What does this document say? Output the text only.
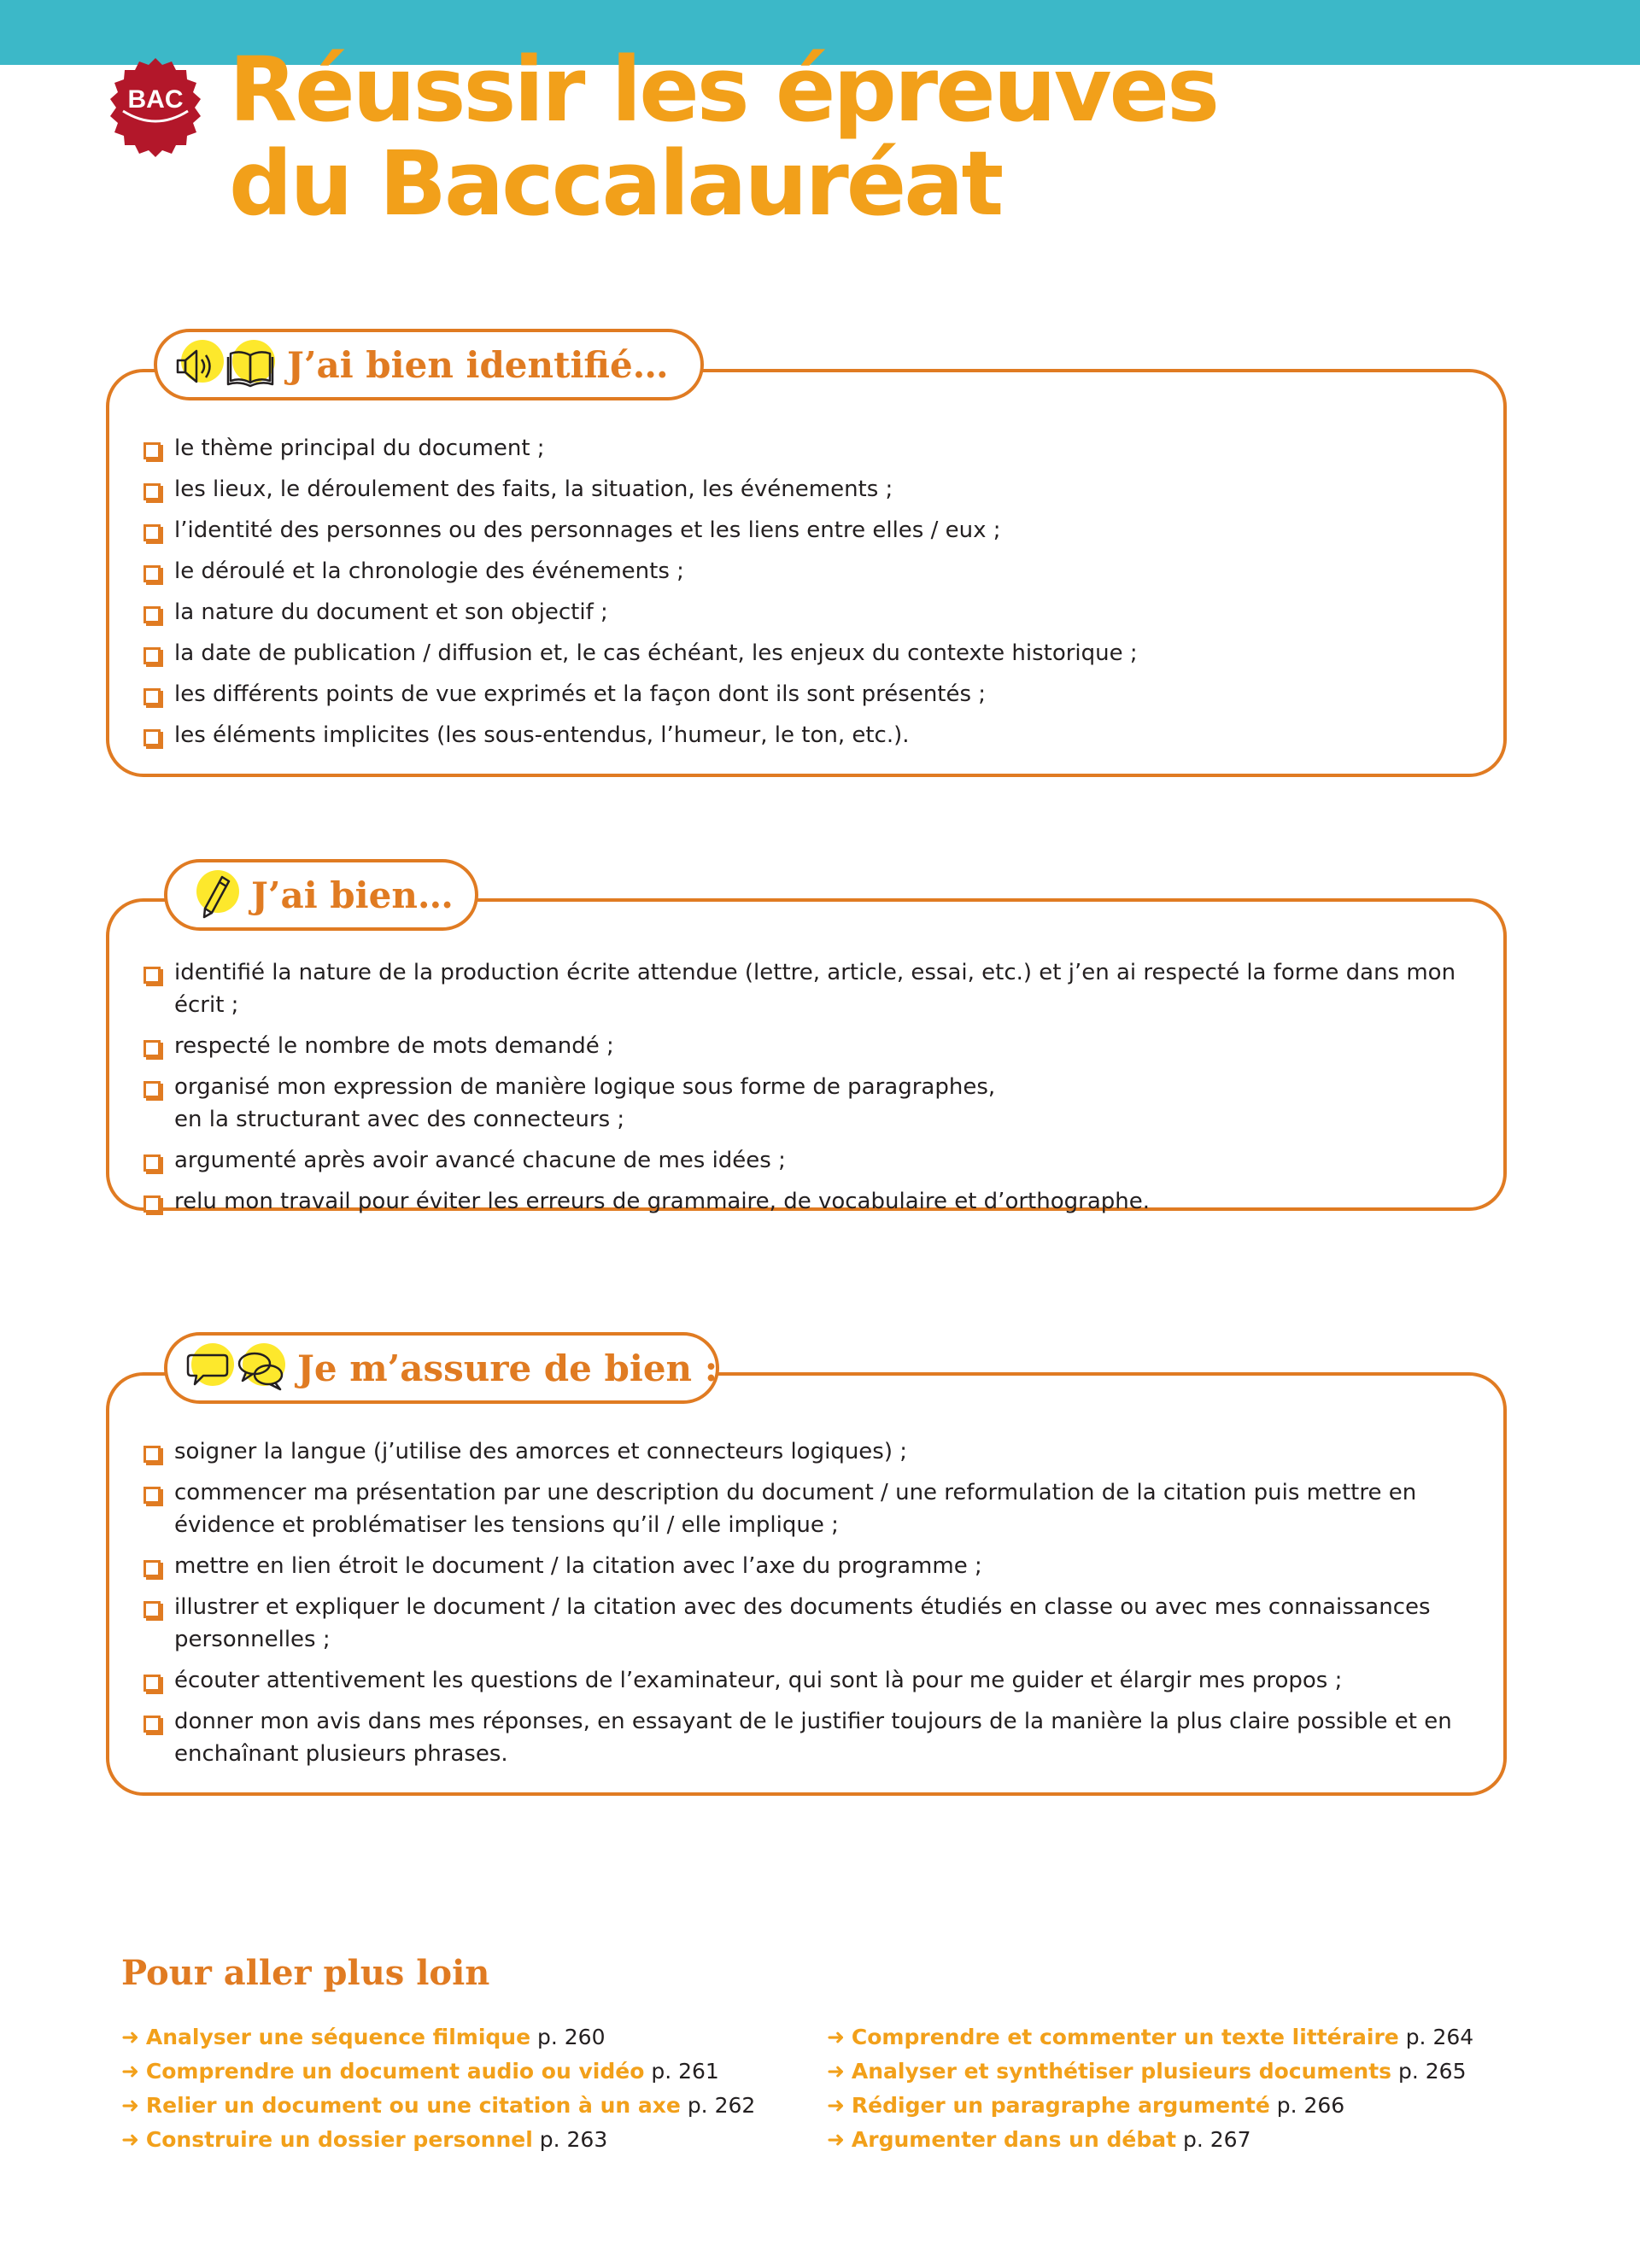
BAC Réussir les épreuves
du Baccalauréat
le thème principal du document ;
les lieux, le déroulement des faits, la situation, les événements ;
l’identité des personnes ou des personnages et les liens entre elles / eux ;
le déroulé et la chronologie des événements ;
la nature du document et son objectif ;
la date de publication / diffusion et, le cas échéant, les enjeux du contexte historique ;
les différents points de vue exprimés et la façon dont ils sont présentés ;
les éléments implicites (les sous-entendus, l’humeur, le ton, etc.).
J’ai bien identifié…
identifié la nature de la production écrite attendue (lettre, article, essai, etc.) et j’en ai respecté la forme dans mon écrit ;
respecté le nombre de mots demandé ;
organisé mon expression de manière logique sous forme de paragraphes,
en la structurant avec des connecteurs ;
argumenté après avoir avancé chacune de mes idées ;
relu mon travail pour éviter les erreurs de grammaire, de vocabulaire et d’orthographe.
J’ai bien…
soigner la langue (j’utilise des amorces et connecteurs logiques) ;
commencer ma présentation par une description du document / une reformulation de la citation puis mettre en évidence et problématiser les tensions qu’il / elle implique ;
mettre en lien étroit le document / la citation avec l’axe du programme ;
illustrer et expliquer le document / la citation avec des documents étudiés en classe ou avec mes connaissances personnelles ;
écouter attentivement les questions de l’examinateur, qui sont là pour me guider et élargir mes propos ;
donner mon avis dans mes réponses, en essayant de le justifier toujours de la manière la plus claire possible et en enchaînant plusieurs phrases.
Je m’assure de bien :
Pour aller plus loin
➜ Analyser une séquence filmique p. 260
➜ Comprendre un document audio ou vidéo p. 261
➜ Relier un document ou une citation à un axe p. 262
➜ Construire un dossier personnel p. 263
➜ Comprendre et commenter un texte littéraire p. 264
➜ Analyser et synthétiser plusieurs documents p. 265
➜ Rédiger un paragraphe argumenté p. 266
➜ Argumenter dans un débat p. 267
